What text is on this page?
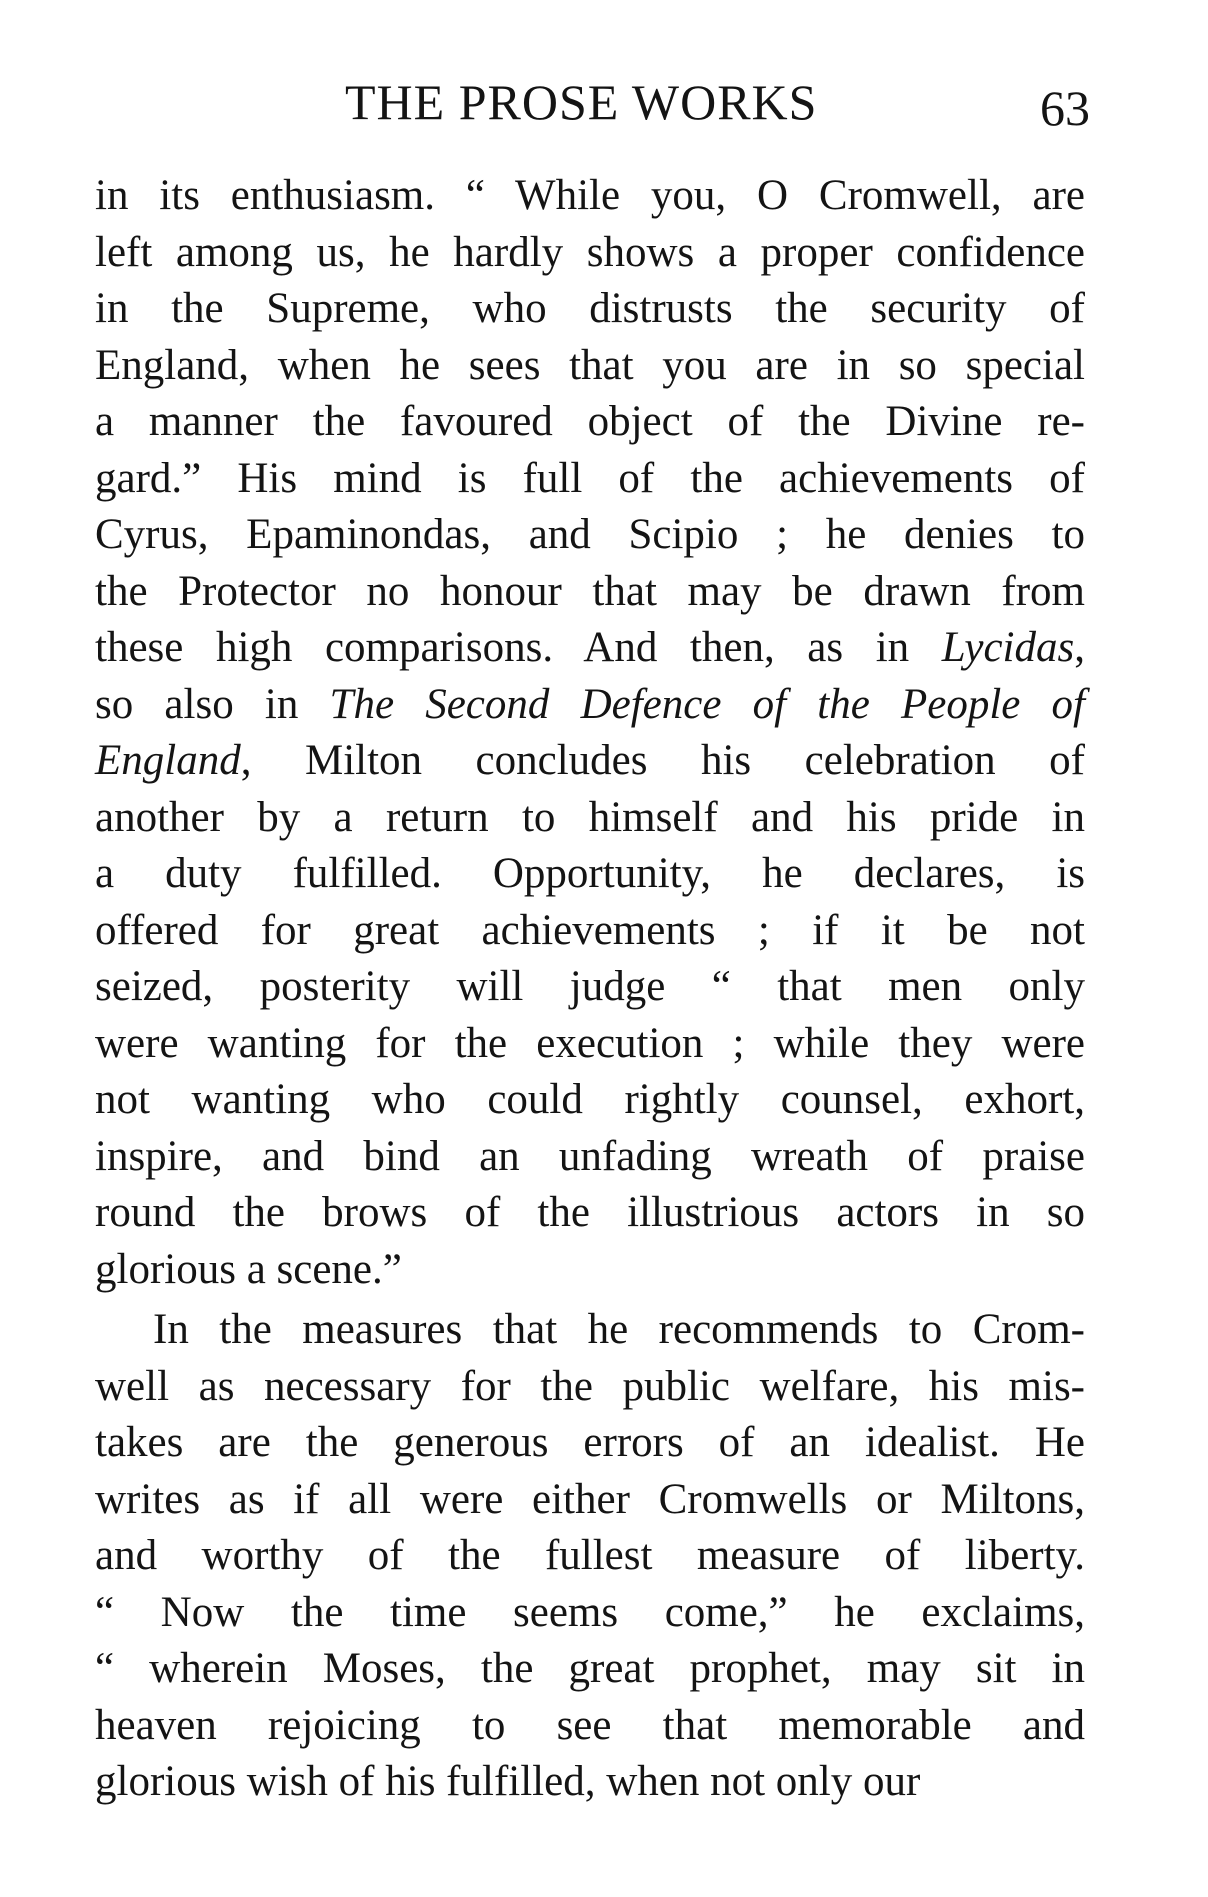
THE PROSE WORKS	63
in its enthusiasm. “ While you, O Cromwell, are
left among us, he hardly shows a proper confidence
in the Supreme, who distrusts the security of
England, when he sees that you are in so special
a manner the favoured object of the Divine re-
gard.” His mind is full of the achievements of
Cyrus, Epaminondas, and Scipio ; he denies to
the Protector no honour that may be drawn from
these high comparisons. And then, as in Lycidas,
so also in The Second Defence of the People of
England, Milton concludes his celebration of
another by a return to himself and his pride in
a duty fulfilled. Opportunity, he declares, is
offered for great achievements ; if it be not
seized, posterity will judge “ that men only
were wanting for the execution ; while they were
not wanting who could rightly counsel, exhort,
inspire, and bind an unfading wreath of praise
round the brows of the illustrious actors in so
glorious a scene.”
In the measures that he recommends to Crom-
well as necessary for the public welfare, his mis-
takes are the generous errors of an idealist. He
writes as if all were either Cromwells or Miltons,
and worthy of the fullest measure of liberty.
“ Now the time seems come,” he exclaims,
“ wherein Moses, the great prophet, may sit in
heaven rejoicing to see that memorable and
glorious wish of his fulfilled, when not only our
